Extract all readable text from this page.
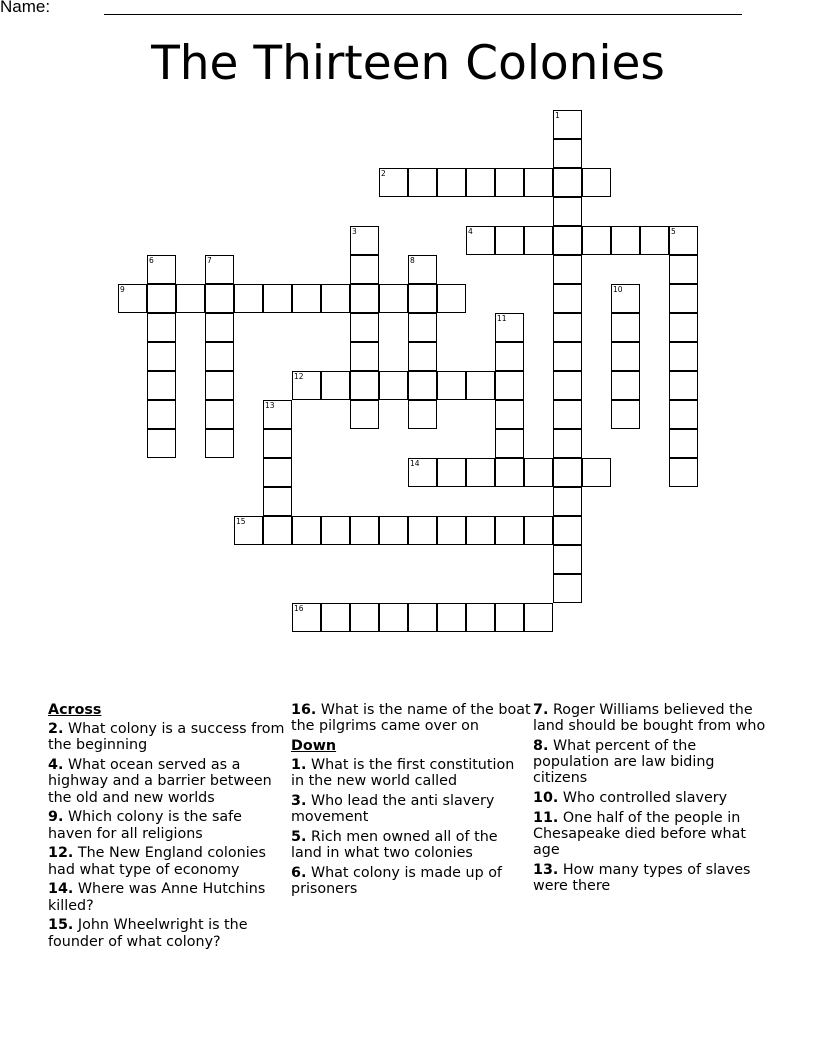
Name:
The Thirteen Colonies
1
2
3	4	5
6	7	8
9	10
11
12
13
14
15
16

Across

2. What colony is a success from the beginning

4. What ocean served as a highway and a barrier between the old and new worlds

9. Which colony is the safe haven for all religions

12. The New England colonies had what type of economy

14. Where was Anne Hutchins killed?

15. John Wheelwright is the founder of what colony?

16. What is the name of the boat the pilgrims came over on

Down

1. What is the first constitution in the new world called

3. Who lead the anti slavery movement

5. Rich men owned all of the land in what two colonies

6. What colony is made up of prisoners

7. Roger Williams believed the land should be bought from who

8. What percent of the population are law biding citizens

10. Who controlled slavery

11. One half of the people in Chesapeake died before what age

13. How many types of slaves were there
